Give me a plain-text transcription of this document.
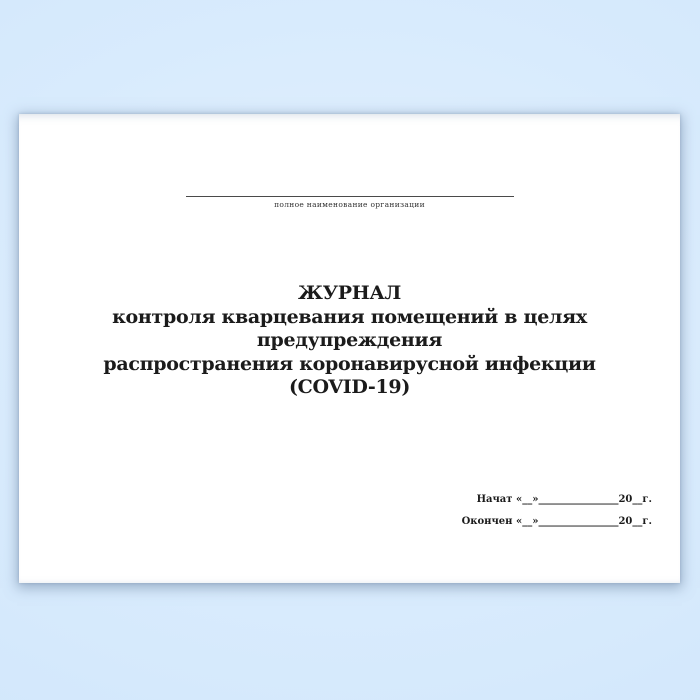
полное наименование организации
ЖУРНАЛ
контроля кварцевания помещений в целях предупреждения
распространения коронавирусной инфекции
(COVID-19)
Начат «__»________________20__г.
Окончен «__»________________20__г.
